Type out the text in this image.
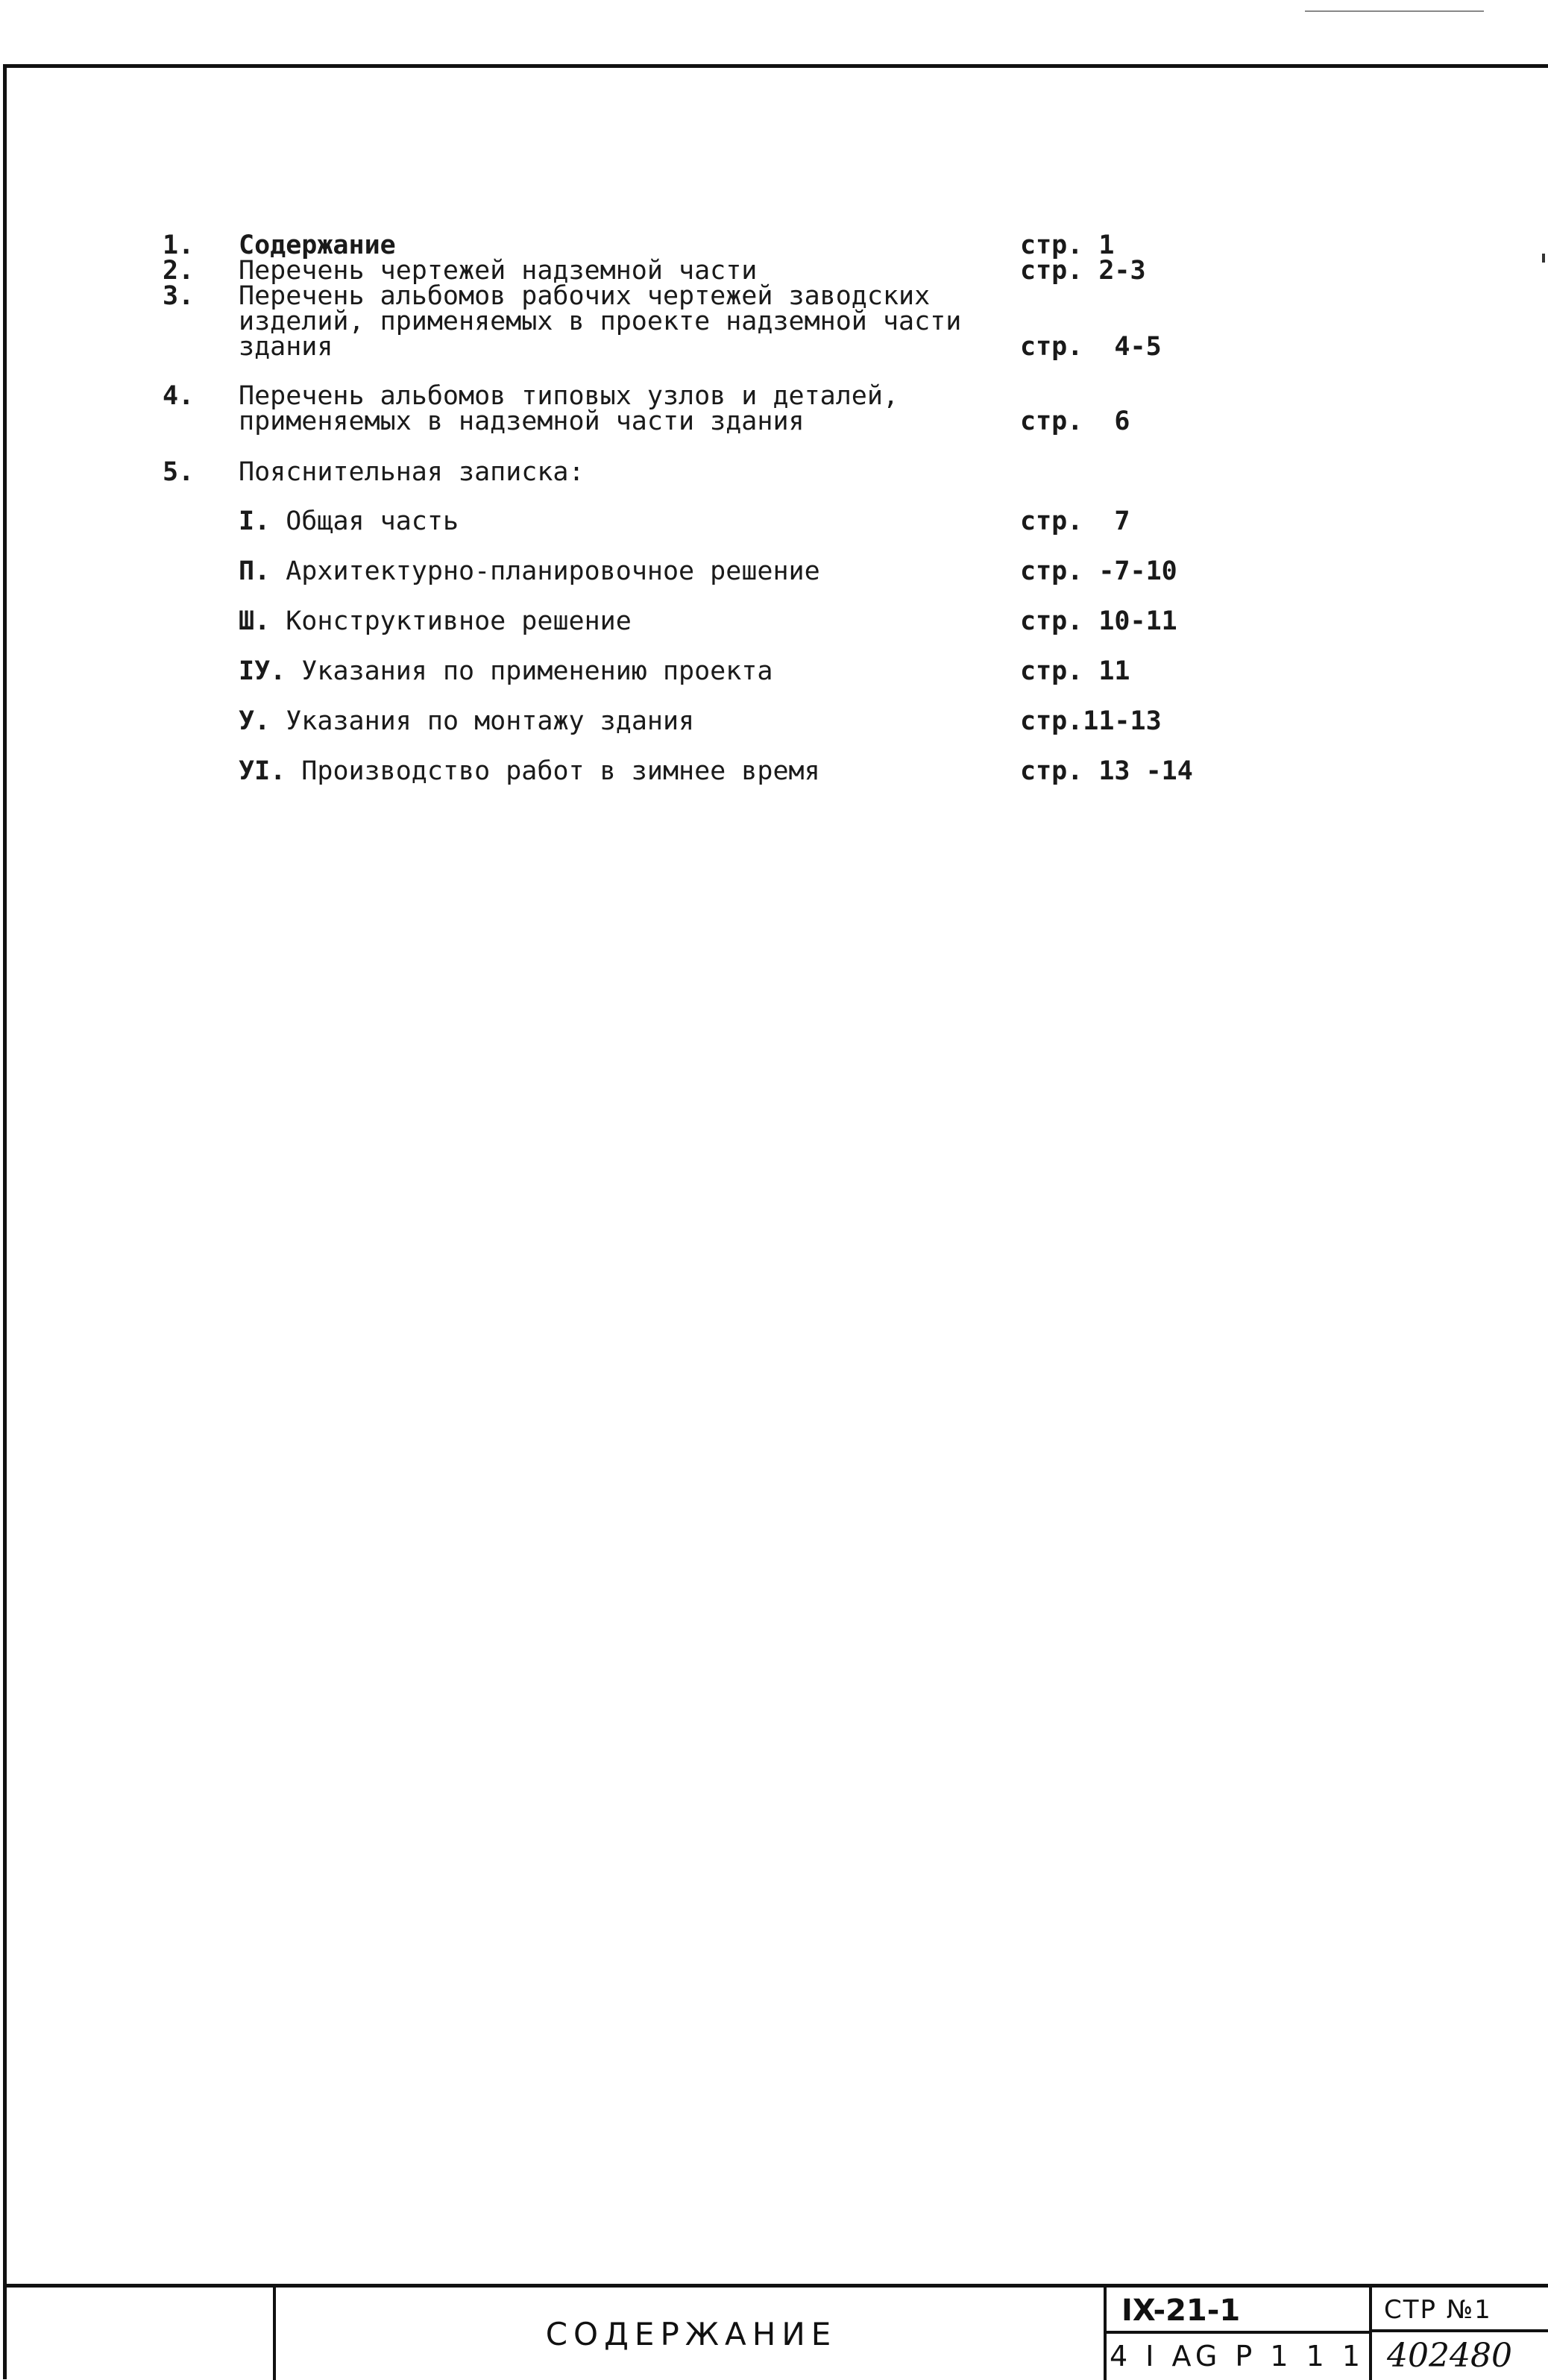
1. Содержание	стр. 1
2. Перечень чертежей надземной части	стр. 2-3
3. Перечень альбомов рабочих чертежей заводских
изделий, применяемых в проекте надземной части
здания	стр.  4-5
4. Перечень альбомов типовых узлов и деталей,
применяемых в надземной части здания	стр.  6
5. Пояснительная записка:
I. Общая часть	стр.  7
П. Архитектурно-планировочное решение	стр. -7-10
Ш. Конструктивное решение	стр. 10-11
IУ. Указания по применению проекта	стр. 11
У. Указания по монтажу здания	стр.11-13
УI. Производство работ в зимнее время	стр. 13 -14
СОДЕРЖАНИЕ
IX-21-1
4 I AG P 1 1 1
СТР №1
402480
